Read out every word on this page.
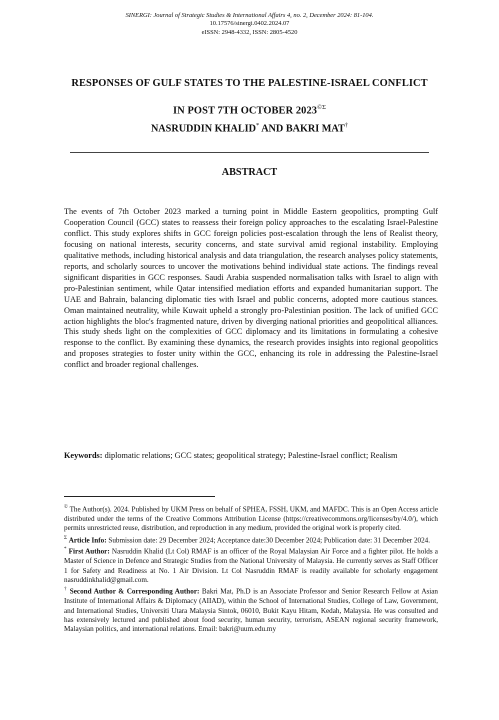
SINERGI: Journal of Strategic Studies & International Affairs 4, no. 2, December 2024: 81-104.
10.17576/sinergi.0402.2024.07
eISSN: 2948-4332, ISSN: 2805-4520
RESPONSES OF GULF STATES TO THE PALESTINE-ISRAEL CONFLICT
IN POST 7TH OCTOBER $2023^{©\Sigma}$
NASRUDDIN KHALID* AND BAKRI MAT†
ABSTRACT
The events of 7th October 2023 marked a turning point in Middle Eastern geopolitics, prompting Gulf Cooperation Council (GCC) states to reassess their foreign policy approaches to the escalating Israel-Palestine conflict. This study explores shifts in GCC foreign policies post-escalation through the lens of Realist theory, focusing on national interests, security concerns, and state survival amid regional instability. Employing qualitative methods, including historical analysis and data triangulation, the research analyses policy statements, reports, and scholarly sources to uncover the motivations behind individual state actions. The findings reveal significant disparities in GCC responses. Saudi Arabia suspended normalisation talks with Israel to align with pro-Palestinian sentiment, while Qatar intensified mediation efforts and expanded humanitarian support. The UAE and Bahrain, balancing diplomatic ties with Israel and public concerns, adopted more cautious stances. Oman maintained neutrality, while Kuwait upheld a strongly pro-Palestinian position. The lack of unified GCC action highlights the bloc's fragmented nature, driven by diverging national priorities and geopolitical alliances. This study sheds light on the complexities of GCC diplomacy and its limitations in formulating a cohesive response to the conflict. By examining these dynamics, the research provides insights into regional geopolitics and proposes strategies to foster unity within the GCC, enhancing its role in addressing the Palestine-Israel conflict and broader regional challenges.
Keywords: diplomatic relations; GCC states; geopolitical strategy; Palestine-Israel conflict; Realism

© The Author(s). 2024. Published by UKM Press on behalf of SPHEA, FSSH, UKM, and MAFDC. This is an Open Access article distributed under the terms of the Creative Commons Attribution License (https://creativecommons.org/licenses/by/4.0/), which permits unrestricted reuse, distribution, and reproduction in any medium, provided the original work is properly cited.

$^\Sigma$ Article Info: Submission date: 29 December 2024; Acceptance date:30 December 2024; Publication date: 31 December 2024.

* First Author: Nasruddin Khalid (Lt Col) RMAF is an officer of the Royal Malaysian Air Force and a fighter pilot. He holds a Master of Science in Defence and Strategic Studies from the National University of Malaysia. He currently serves as Staff Officer 1 for Safety and Readiness at No. 1 Air Division. Lt Col Nasruddin RMAF is readily available for scholarly engagement nasruddinkhalid@gmail.com.

† Second Author & Corresponding Author: Bakri Mat, Ph.D is an Associate Professor and Senior Research Fellow at Asian Institute of International Affairs & Diplomacy (AIIAD), within the School of International Studies, College of Law, Government, and International Studies, Universiti Utara Malaysia Sintok, 06010, Bukit Kayu Hitam, Kedah, Malaysia. He was consulted and has extensively lectured and published about food security, human security, terrorism, ASEAN regional security framework, Malaysian politics, and international relations. Email: bakri@uum.edu.my
